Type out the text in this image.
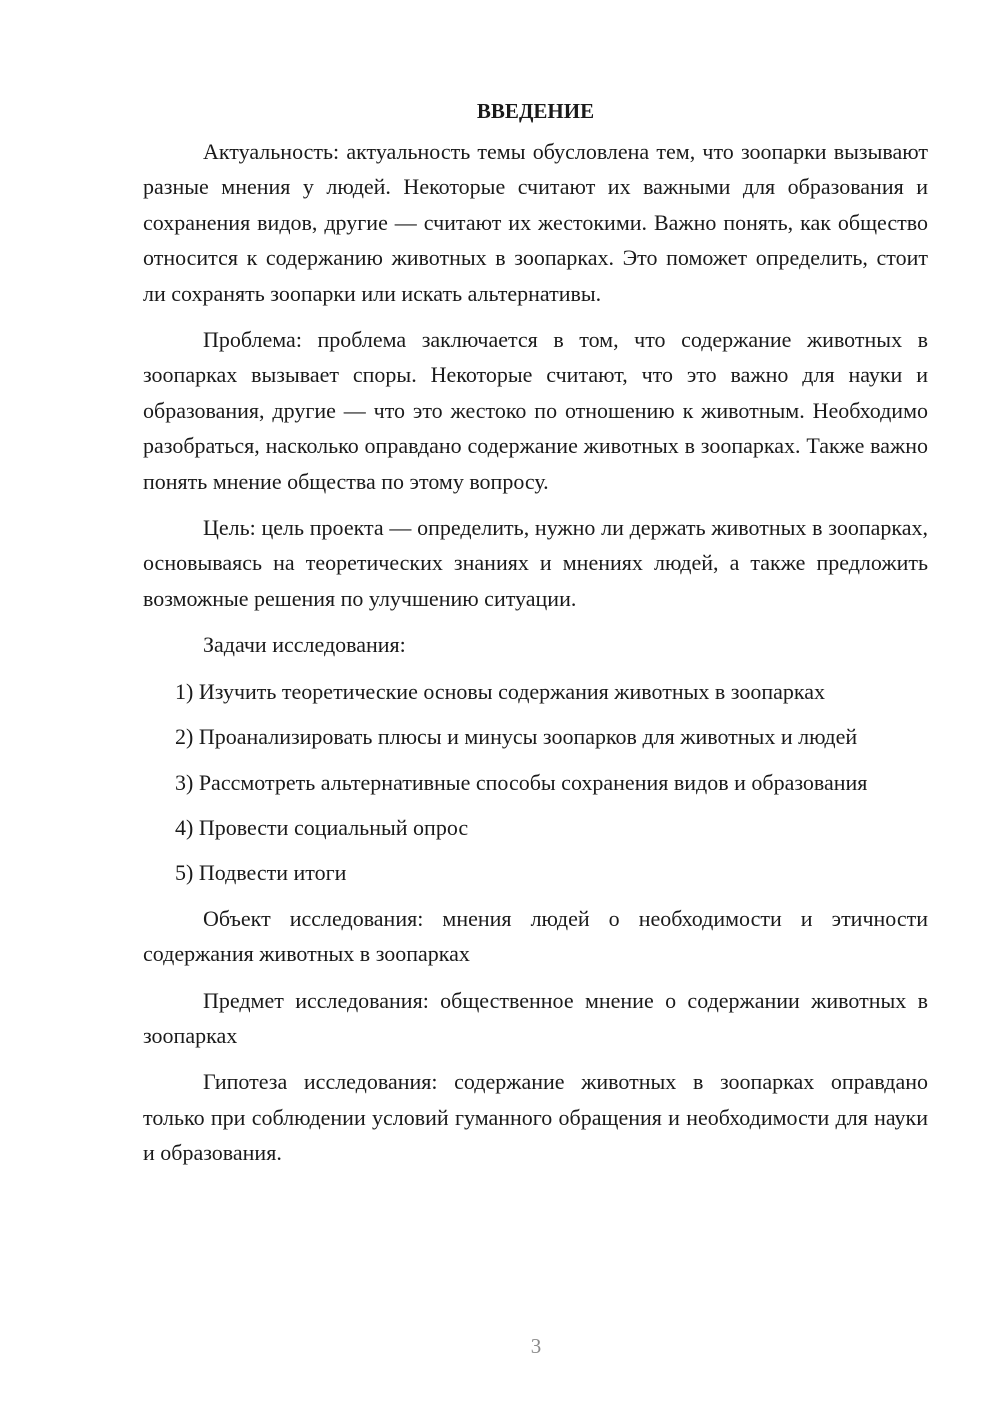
ВВЕДЕНИЕ

Актуальность: актуальность темы обусловлена тем, что зоопарки вызывают разные мнения у людей. Некоторые считают их важными для образования и сохранения видов, другие — считают их жестокими. Важно понять, как общество относится к содержанию животных в зоопарках. Это поможет определить, стоит ли сохранять зоопарки или искать альтернативы.

Проблема: проблема заключается в том, что содержание животных в зоопарках вызывает споры. Некоторые считают, что это важно для науки и образования, другие — что это жестоко по отношению к животным. Необходимо разобраться, насколько оправдано содержание животных в зоопарках. Также важно понять мнение общества по этому вопросу.

Цель: цель проекта — определить, нужно ли держать животных в зоопарках, основываясь на теоретических знаниях и мнениях людей, а также предложить возможные решения по улучшению ситуации.

Задачи исследования:

1) Изучить теоретические основы содержания животных в зоопарках

2) Проанализировать плюсы и минусы зоопарков для животных и людей

3) Рассмотреть альтернативные способы сохранения видов и образования

4) Провести социальный опрос

5) Подвести итоги

Объект исследования: мнения людей о необходимости и этичности содержания животных в зоопарках

Предмет исследования: общественное мнение о содержании животных в зоопарках

Гипотеза исследования: содержание животных в зоопарках оправдано только при соблюдении условий гуманного обращения и необходимости для науки и образования.

3
